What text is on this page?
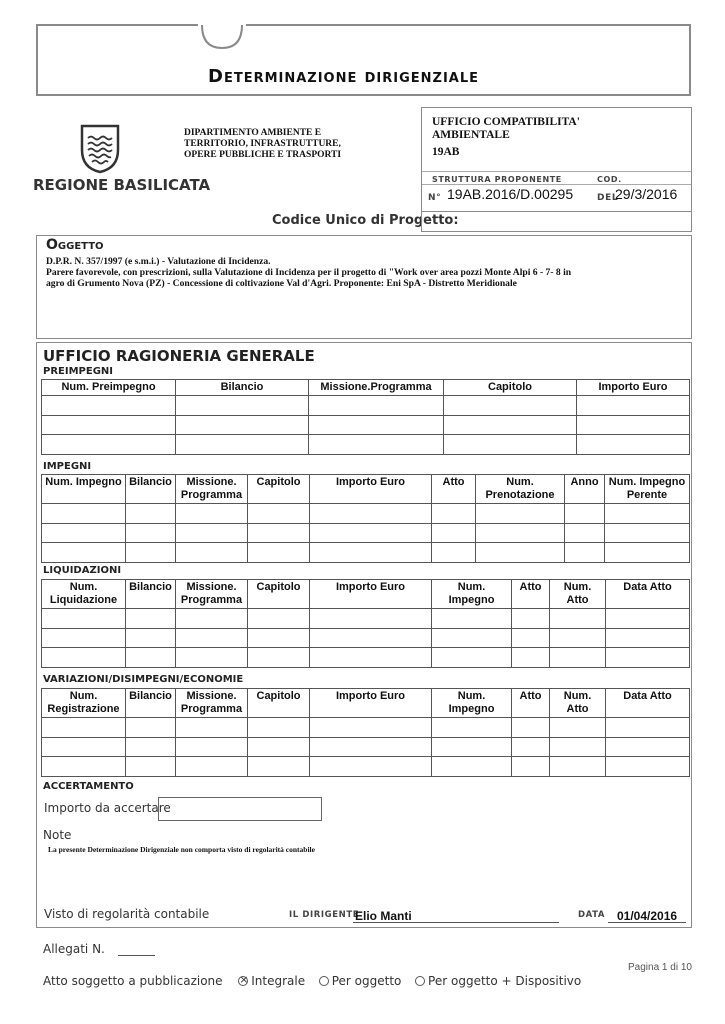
Determinazione dirigenziale
REGIONE BASILICATA
DIPARTIMENTO AMBIENTE E
TERRITORIO, INFRASTRUTTURE,
OPERE PUBBLICHE E TRASPORTI
UFFICIO COMPATIBILITA'
AMBIENTALE
19AB
STRUTTURA PROPONENTE	COD.
N° 19AB.2016/D.00295	DEL
29/3/2016
Codice Unico di Progetto:
Oggetto
D.P.R. N. 357/1997 (e s.m.i.) - Valutazione di Incidenza.
Parere favorevole, con prescrizioni, sulla Valutazione di Incidenza per il progetto di "Work over area pozzi Monte Alpi 6 - 7- 8 in
agro di Grumento Nova (PZ) - Concessione di coltivazione Val d'Agri. Proponente: Eni SpA - Distretto Meridionale
UFFICIO RAGIONERIA GENERALE
PREIMPEGNI
Num. Preimpegno	Bilancio	Missione.Programma	Capitolo	Importo Euro

IMPEGNI
Num. Impegno	Bilancio	Missione. Programma	Capitolo	Importo Euro	Atto	Num. Prenotazione	Anno	Num. Impegno Perente

LIQUIDAZIONI
Num. Liquidazione	Bilancio	Missione. Programma	Capitolo	Importo Euro	Num. Impegno	Atto	Num. Atto	Data Atto

VARIAZIONI/DISIMPEGNI/ECONOMIE
Num. Registrazione	Bilancio	Missione. Programma	Capitolo	Importo Euro	Num. Impegno	Atto	Num. Atto	Data Atto

ACCERTAMENTO
Importo da accertare
Note
La presente Determinazione Dirigenziale non comporta visto di regolarità contabile
Visto di regolarità contabile	IL DIRIGENTE
Elio Manti	DATA 01/04/2016
Allegati N.
Pagina 1 di 10
Atto soggetto a pubblicazione × Integrale Per oggetto Per oggetto + Dispositivo
